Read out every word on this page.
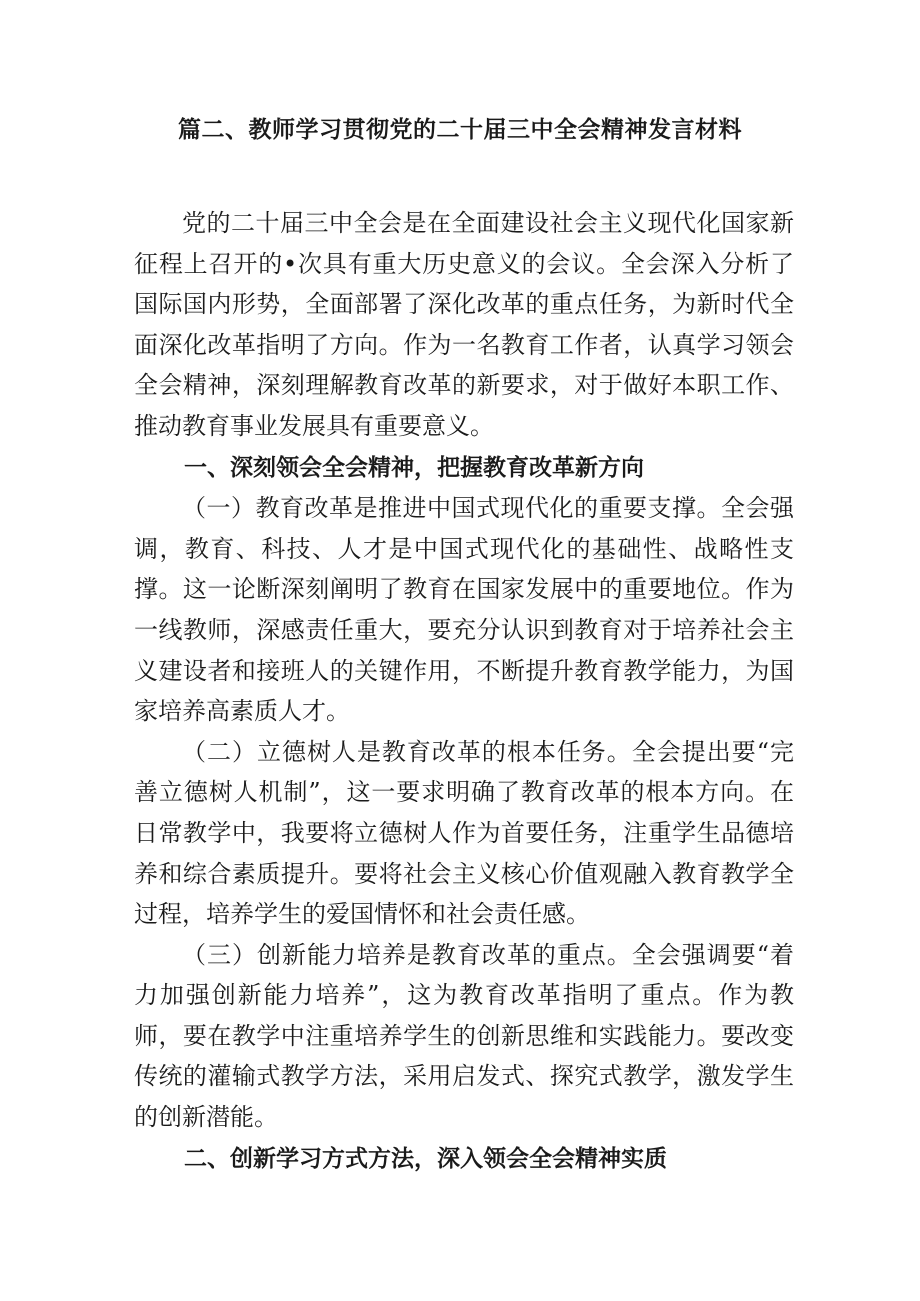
篇二、教师学习贯彻党的二十届三中全会精神发言材料

党的二十届三中全会是在全面建设社会主义现代化国家新征程上召开的•次具有重大历史意义的会议。全会深入分析了国际国内形势，全面部署了深化改革的重点任务，为新时代全面深化改革指明了方向。作为一名教育工作者，认真学习领会全会精神，深刻理解教育改革的新要求，对于做好本职工作、推动教育事业发展具有重要意义。

一、深刻领会全会精神，把握教育改革新方向

（一）教育改革是推进中国式现代化的重要支撑。全会强调，教育、科技、人才是中国式现代化的基础性、战略性支撑。这一论断深刻阐明了教育在国家发展中的重要地位。作为一线教师，深感责任重大，要充分认识到教育对于培养社会主义建设者和接班人的关键作用，不断提升教育教学能力，为国家培养高素质人才。

（二）立德树人是教育改革的根本任务。全会提出要“完善立德树人机制”，这一要求明确了教育改革的根本方向。在日常教学中，我要将立德树人作为首要任务，注重学生品德培养和综合素质提升。要将社会主义核心价值观融入教育教学全过程，培养学生的爱国情怀和社会责任感。

（三）创新能力培养是教育改革的重点。全会强调要“着力加强创新能力培养”，这为教育改革指明了重点。作为教师，要在教学中注重培养学生的创新思维和实践能力。要改变传统的灌输式教学方法，采用启发式、探究式教学，激发学生的创新潜能。

二、创新学习方式方法，深入领会全会精神实质
